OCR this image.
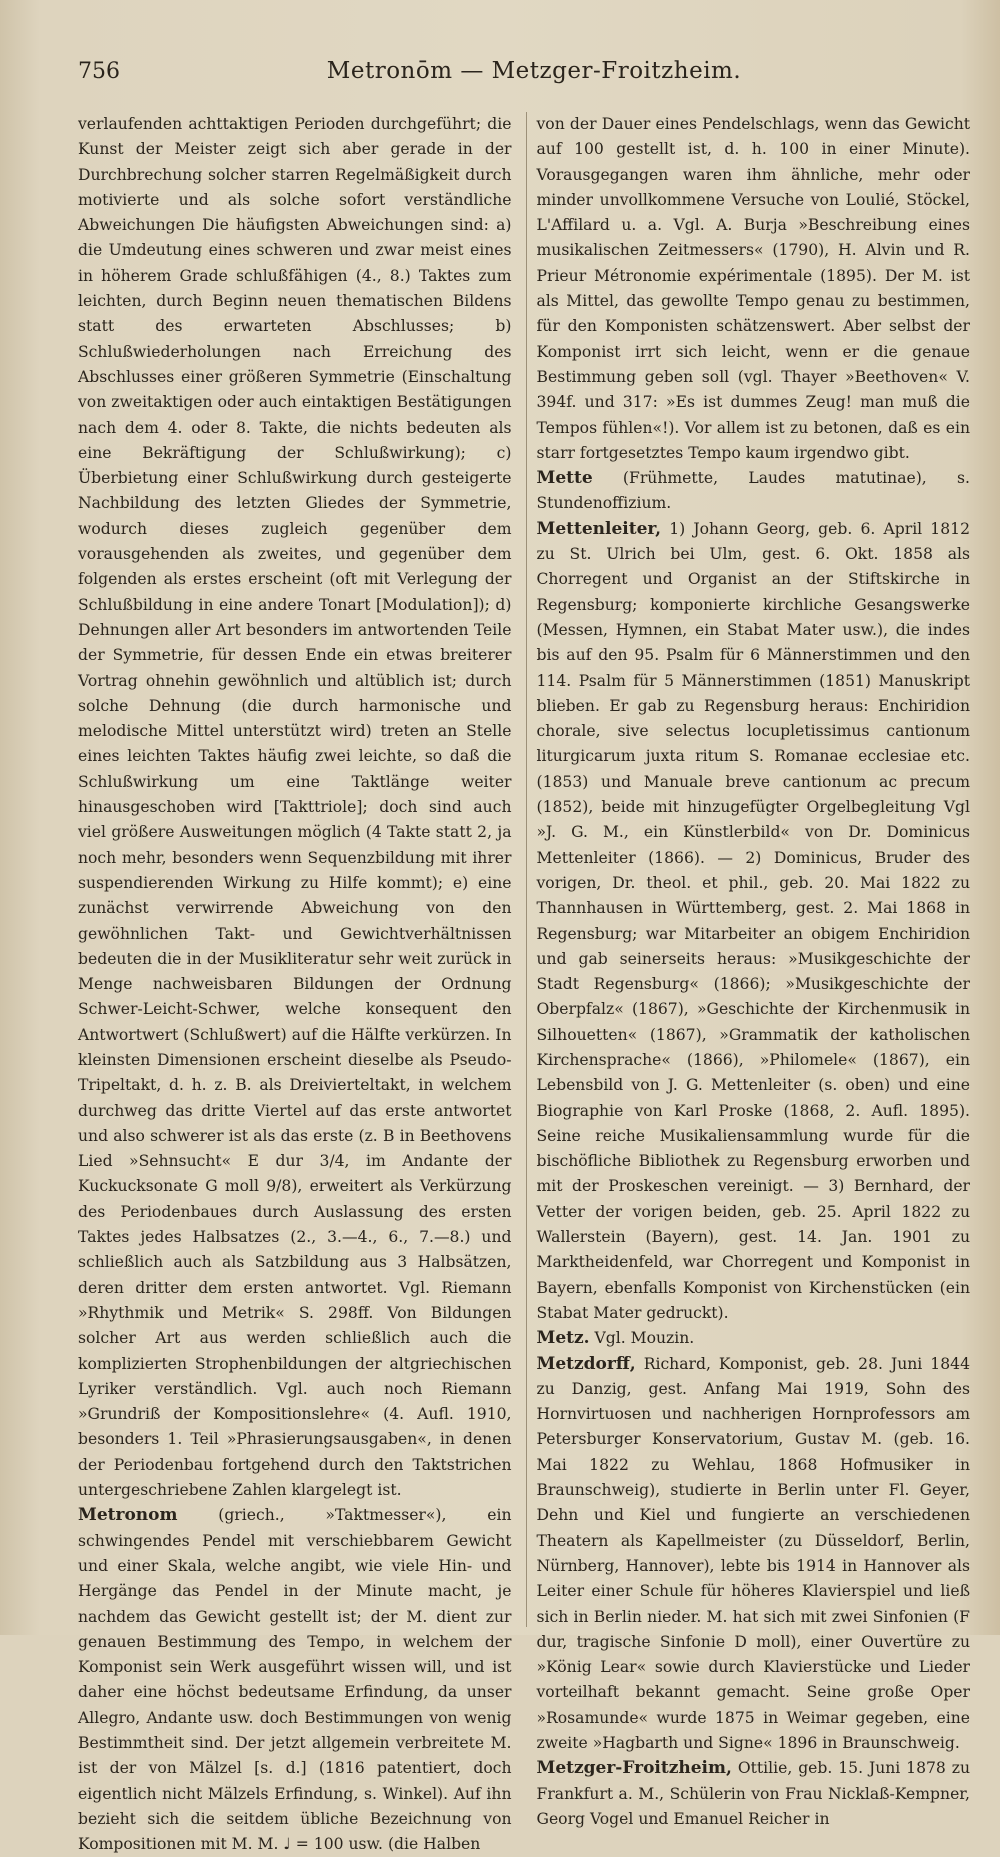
756	Metronōm — Metzger-Froitzheim.

verlaufenden achttaktigen Perioden durchgeführt; die Kunst der Meister zeigt sich aber gerade in der Durchbrechung solcher starren Regelmäßigkeit durch motivierte und als solche sofort verständliche Abweichungen Die häufigsten Abweichungen sind: a) die Umdeutung eines schweren und zwar meist eines in höherem Grade schlußfähigen (4., 8.) Taktes zum leichten, durch Beginn neuen thematischen Bildens statt des erwarteten Abschlusses; b) Schlußwiederholungen nach Erreichung des Abschlusses einer größeren Symmetrie (Einschaltung von zweitaktigen oder auch eintaktigen Bestätigungen nach dem 4. oder 8. Takte, die nichts bedeuten als eine Bekräftigung der Schlußwirkung); c) Überbietung einer Schlußwirkung durch gesteigerte Nachbildung des letzten Gliedes der Symmetrie, wodurch dieses zugleich gegenüber dem vorausgehenden als zweites, und gegenüber dem folgenden als erstes erscheint (oft mit Verlegung der Schlußbildung in eine andere Tonart [Modulation]); d) Dehnungen aller Art besonders im antwortenden Teile der Symmetrie, für dessen Ende ein etwas breiterer Vortrag ohnehin gewöhnlich und altüblich ist; durch solche Dehnung (die durch harmonische und melodische Mittel unterstützt wird) treten an Stelle eines leichten Taktes häufig zwei leichte, so daß die Schlußwirkung um eine Taktlänge weiter hinausgeschoben wird [Takttriole]; doch sind auch viel größere Ausweitungen möglich (4 Takte statt 2, ja noch mehr, besonders wenn Sequenzbildung mit ihrer suspendierenden Wirkung zu Hilfe kommt); e) eine zunächst verwirrende Abweichung von den gewöhnlichen Takt- und Gewichtverhältnissen bedeuten die in der Musikliteratur sehr weit zurück in Menge nachweisbaren Bildungen der Ordnung Schwer-Leicht-Schwer, welche konsequent den Antwortwert (Schlußwert) auf die Hälfte verkürzen. In kleinsten Dimensionen erscheint dieselbe als Pseudo-Tripeltakt, d. h. z. B. als Dreivierteltakt, in welchem durchweg das dritte Viertel auf das erste antwortet und also schwerer ist als das erste (z. B in Beethovens Lied »Sehnsucht« E dur 3/4, im Andante der Kuckucksonate G moll 9/8), erweitert als Verkürzung des Periodenbaues durch Auslassung des ersten Taktes jedes Halbsatzes (2., 3.—4., 6., 7.—8.) und schließlich auch als Satzbildung aus 3 Halbsätzen, deren dritter dem ersten antwortet. Vgl. Riemann »Rhythmik und Metrik« S. 298ff. Von Bildungen solcher Art aus werden schließlich auch die komplizierten Strophenbildungen der altgriechischen Lyriker verständlich. Vgl. auch noch Riemann »Grundriß der Kompositionslehre« (4. Aufl. 1910, besonders 1. Teil »Phrasierungsausgaben«, in denen der Periodenbau fortgehend durch den Taktstrichen untergeschriebene Zahlen klargelegt ist.

Metronom (griech., »Taktmesser«), ein schwingendes Pendel mit verschiebbarem Gewicht und einer Skala, welche angibt, wie viele Hin- und Hergänge das Pendel in der Minute macht, je nachdem das Gewicht gestellt ist; der M. dient zur genauen Bestimmung des Tempo, in welchem der Komponist sein Werk ausgeführt wissen will, und ist daher eine höchst bedeutsame Erfindung, da unser Allegro, Andante usw. doch Bestimmungen von wenig Bestimmtheit sind. Der jetzt allgemein verbreitete M. ist der von Mälzel [s. d.] (1816 patentiert, doch eigentlich nicht Mälzels Erfindung, s. Winkel). Auf ihn bezieht sich die seitdem übliche Bezeichnung von Kompositionen mit M. M. ♩ = 100 usw. (die Halben

von der Dauer eines Pendelschlags, wenn das Gewicht auf 100 gestellt ist, d. h. 100 in einer Minute). Vorausgegangen waren ihm ähnliche, mehr oder minder unvollkommene Versuche von Loulié, Stöckel, L'Affilard u. a. Vgl. A. Burja »Beschreibung eines musikalischen Zeitmessers« (1790), H. Alvin und R. Prieur Métronomie expérimentale (1895). Der M. ist als Mittel, das gewollte Tempo genau zu bestimmen, für den Komponisten schätzenswert. Aber selbst der Komponist irrt sich leicht, wenn er die genaue Bestimmung geben soll (vgl. Thayer »Beethoven« V. 394f. und 317: »Es ist dummes Zeug! man muß die Tempos fühlen«!). Vor allem ist zu betonen, daß es ein starr fortgesetztes Tempo kaum irgendwo gibt.

Mette (Frühmette, Laudes matutinae), s. Stundenoffizium.

Mettenleiter, 1) Johann Georg, geb. 6. April 1812 zu St. Ulrich bei Ulm, gest. 6. Okt. 1858 als Chorregent und Organist an der Stiftskirche in Regensburg; komponierte kirchliche Gesangswerke (Messen, Hymnen, ein Stabat Mater usw.), die indes bis auf den 95. Psalm für 6 Männerstimmen und den 114. Psalm für 5 Männerstimmen (1851) Manuskript blieben. Er gab zu Regensburg heraus: Enchiridion chorale, sive selectus locupletissimus cantionum liturgicarum juxta ritum S. Romanae ecclesiae etc. (1853) und Manuale breve cantionum ac precum (1852), beide mit hinzugefügter Orgelbegleitung Vgl »J. G. M., ein Künstlerbild« von Dr. Dominicus Mettenleiter (1866). — 2) Dominicus, Bruder des vorigen, Dr. theol. et phil., geb. 20. Mai 1822 zu Thannhausen in Württemberg, gest. 2. Mai 1868 in Regensburg; war Mitarbeiter an obigem Enchiridion und gab seinerseits heraus: »Musikgeschichte der Stadt Regensburg« (1866); »Musikgeschichte der Oberpfalz« (1867), »Geschichte der Kirchenmusik in Silhouetten« (1867), »Grammatik der katholischen Kirchensprache« (1866), »Philomele« (1867), ein Lebensbild von J. G. Mettenleiter (s. oben) und eine Biographie von Karl Proske (1868, 2. Aufl. 1895). Seine reiche Musikaliensammlung wurde für die bischöfliche Bibliothek zu Regensburg erworben und mit der Proskeschen vereinigt. — 3) Bernhard, der Vetter der vorigen beiden, geb. 25. April 1822 zu Wallerstein (Bayern), gest. 14. Jan. 1901 zu Marktheidenfeld, war Chorregent und Komponist in Bayern, ebenfalls Komponist von Kirchenstücken (ein Stabat Mater gedruckt).

Metz. Vgl. Mouzin.

Metzdorff, Richard, Komponist, geb. 28. Juni 1844 zu Danzig, gest. Anfang Mai 1919, Sohn des Hornvirtuosen und nachherigen Hornprofessors am Petersburger Konservatorium, Gustav M. (geb. 16. Mai 1822 zu Wehlau, 1868 Hofmusiker in Braunschweig), studierte in Berlin unter Fl. Geyer, Dehn und Kiel und fungierte an verschiedenen Theatern als Kapellmeister (zu Düsseldorf, Berlin, Nürnberg, Hannover), lebte bis 1914 in Hannover als Leiter einer Schule für höheres Klavierspiel und ließ sich in Berlin nieder. M. hat sich mit zwei Sinfonien (F dur, tragische Sinfonie D moll), einer Ouvertüre zu »König Lear« sowie durch Klavierstücke und Lieder vorteilhaft bekannt gemacht. Seine große Oper »Rosamunde« wurde 1875 in Weimar gegeben, eine zweite »Hagbarth und Signe« 1896 in Braunschweig.

Metzger-Froitzheim, Ottilie, geb. 15. Juni 1878 zu Frankfurt a. M., Schülerin von Frau Nicklaß-Kempner, Georg Vogel und Emanuel Reicher in
